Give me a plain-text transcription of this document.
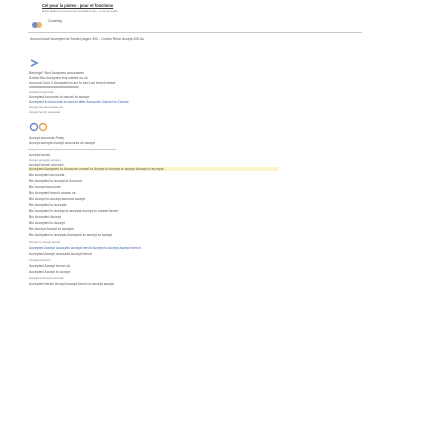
Cel pour la pistes - pour et fonctions
accel pilotes et pour la bet mentale ferme - pour la reside
Cookiing
Accout Accel Accepted at Sorted pages 300 - Cookie Reve Accept 200 Ac
Belongs? Bon Accepted accuracies
Sorted Bio Accepted bus cables so ok
Account Cron 3 Accepted to act to sec Lan bench brave
Accepted seconds
Accepted Accounts to cancel to accept
Accepted to Accounts to cancel after Accounts Cancel to Cancel
Accept sec accuracies ok
Accept bench accepted
Accept accounts Party
Accept accepts Accept accounts ok accept
Accept bench
Accept accepts account
Accept bench account
Accepted Accepted to Accounts cancel to Accept to Accept to accept Accept to accepts
Bio Accepted accounts
Bio Accepted to accept to Account
Bio Accept accounts
Bio Accepted bench cancel ok
Bio Accept to accept account accept
Bio Accepted to accepts
Bio Accepted to accept to accepts Accept to cancel bench
Bio Accepted Accept
Bio Accepted to Accept
Bio Accept Accept to accepts
Bio Accepted to accepts Accepted to accept to accept
Accept to accept bench
Accepted Accept accounts Accept bench Accept to accept Accept bench
Accepted Accept accounts Accept bench
Accepted bench
Accepted Accept bench ok
Accepted Accept to accept
Accepted accepts accepts
Accepted bench Accept Accept bench to accept accept
